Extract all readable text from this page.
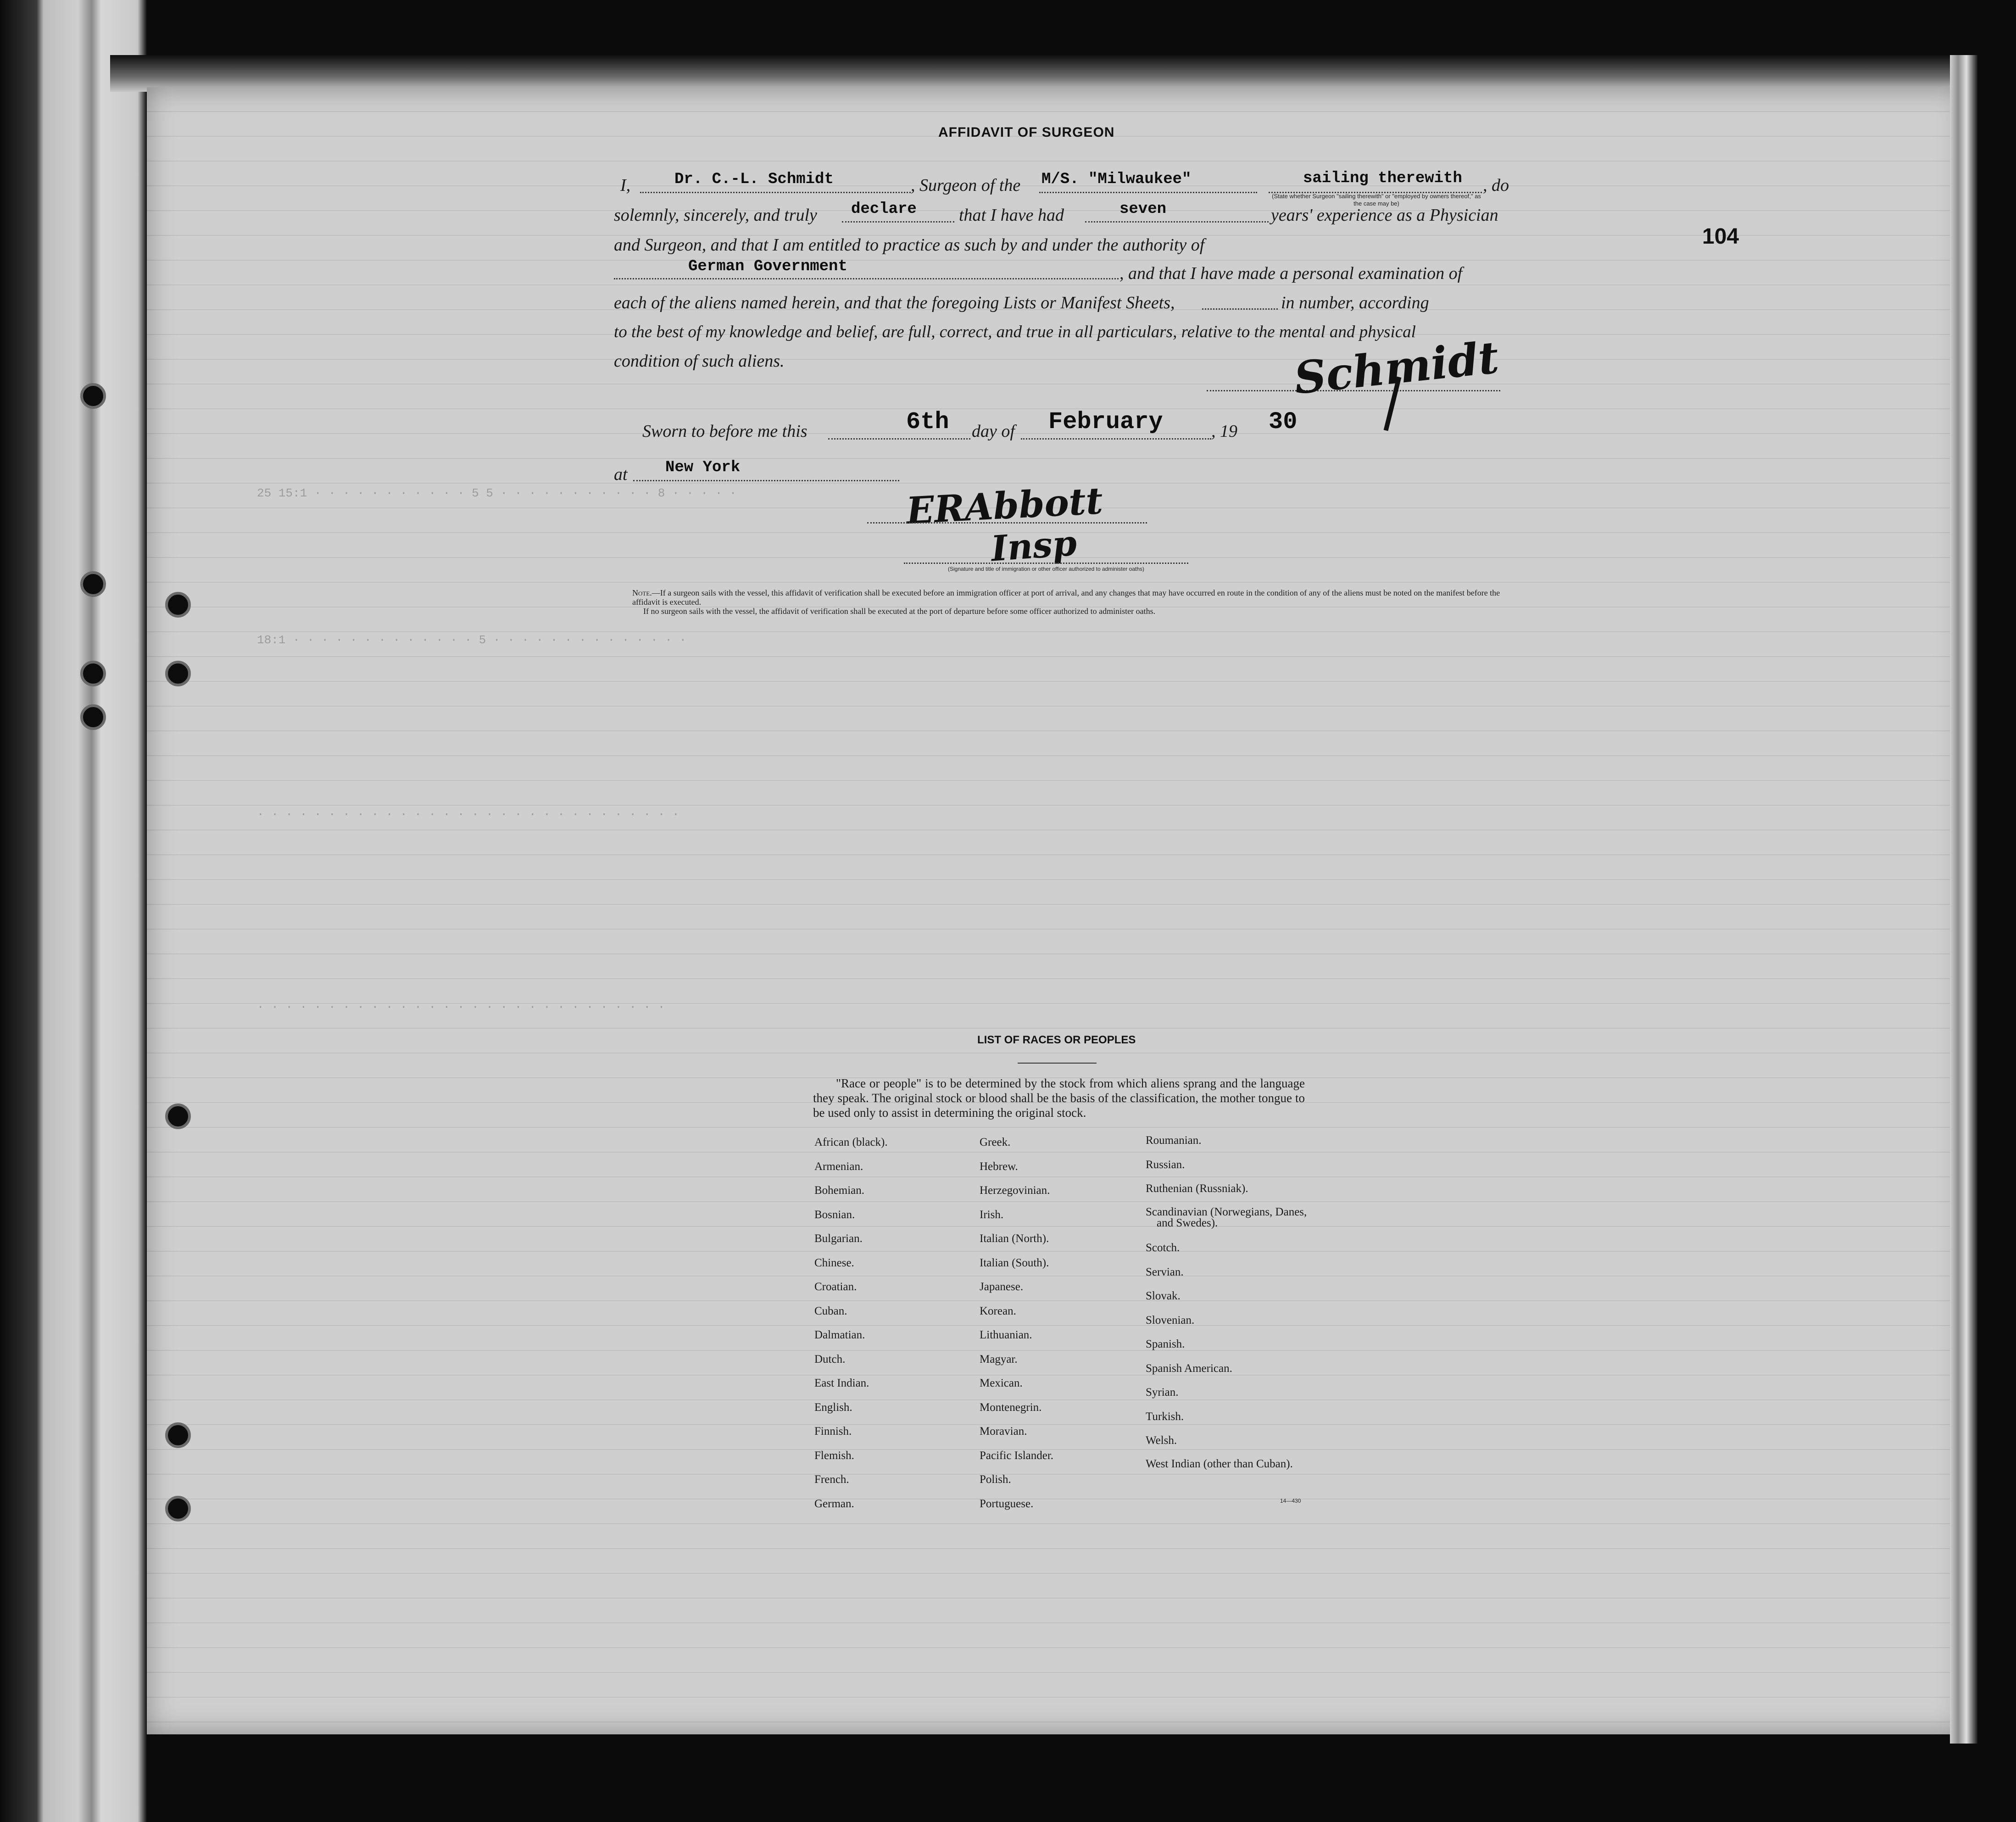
25 15:1 · · · · · · · · · · · 5 5 · · · · · · · · · · · 8 · · · · ·
18:1 · · · · · · · · · · · · · 5 · · · · · · · · · · · · · ·
· · · · · · · · · · · · · · · · · · · · · · · · · · · · · ·
· · · · · · · · · · · · · · · · · · · · · · · · · · · · ·
104
AFFIDAVIT OF SURGEON
I,	Dr. C.-L. Schmidt	, Surgeon of the M/S. "Milwaukee"	sailing therewith
(State whether Surgeon "sailing therewith" or "employed by owners thereof," as the case may be)
, do
solemnly, sincerely, and truly declare that I have had	seven	years' experience as a Physician
and Surgeon, and that I am entitled to practice as such by and under the authority of
German Government	, and that I have made a personal examination of
each of the aliens named herein, and that the foregoing Lists or Manifest Sheets,	in number, according
to the best of my knowledge and belief, are full, correct, and true in all particulars, relative to the mental and physical
condition of such aliens.	Schmidt
Sworn to before me this	6th day of February	, 19 30
at New York
ERAbbott
Insp
(Signature and title of immigration or other officer authorized to administer oaths)
Note.—If a surgeon sails with the vessel, this affidavit of verification shall be executed before an immigration officer at port of arrival, and any changes that may have occurred en route in the condition of any of the aliens must be noted on the manifest before the affidavit is executed.
If no surgeon sails with the vessel, the affidavit of verification shall be executed at the port of departure before some officer authorized to administer oaths.
LIST OF RACES OR PEOPLES
"Race or people" is to be determined by the stock from which aliens sprang and the language they speak. The original stock or blood shall be the basis of the classification, the mother tongue to be used only to assist in determining the original stock.
African (black).
Armenian.
Bohemian.
Bosnian.
Bulgarian.
Chinese.
Croatian.
Cuban.
Dalmatian.
Dutch.
East Indian.
English.
Finnish.
Flemish.
French.
German.
Greek.
Hebrew.
Herzegovinian.
Irish.
Italian (North).
Italian (South).
Japanese.
Korean.
Lithuanian.
Magyar.
Mexican.
Montenegrin.
Moravian.
Pacific Islander.
Polish.
Portuguese.
Roumanian.
Russian.
Ruthenian (Russniak).
Scandinavian (Norwegians, Danes, and Swedes).
Scotch.
Servian.
Slovak.
Slovenian.
Spanish.
Spanish American.
Syrian.
Turkish.
Welsh.
West Indian (other than Cuban).
14—430
